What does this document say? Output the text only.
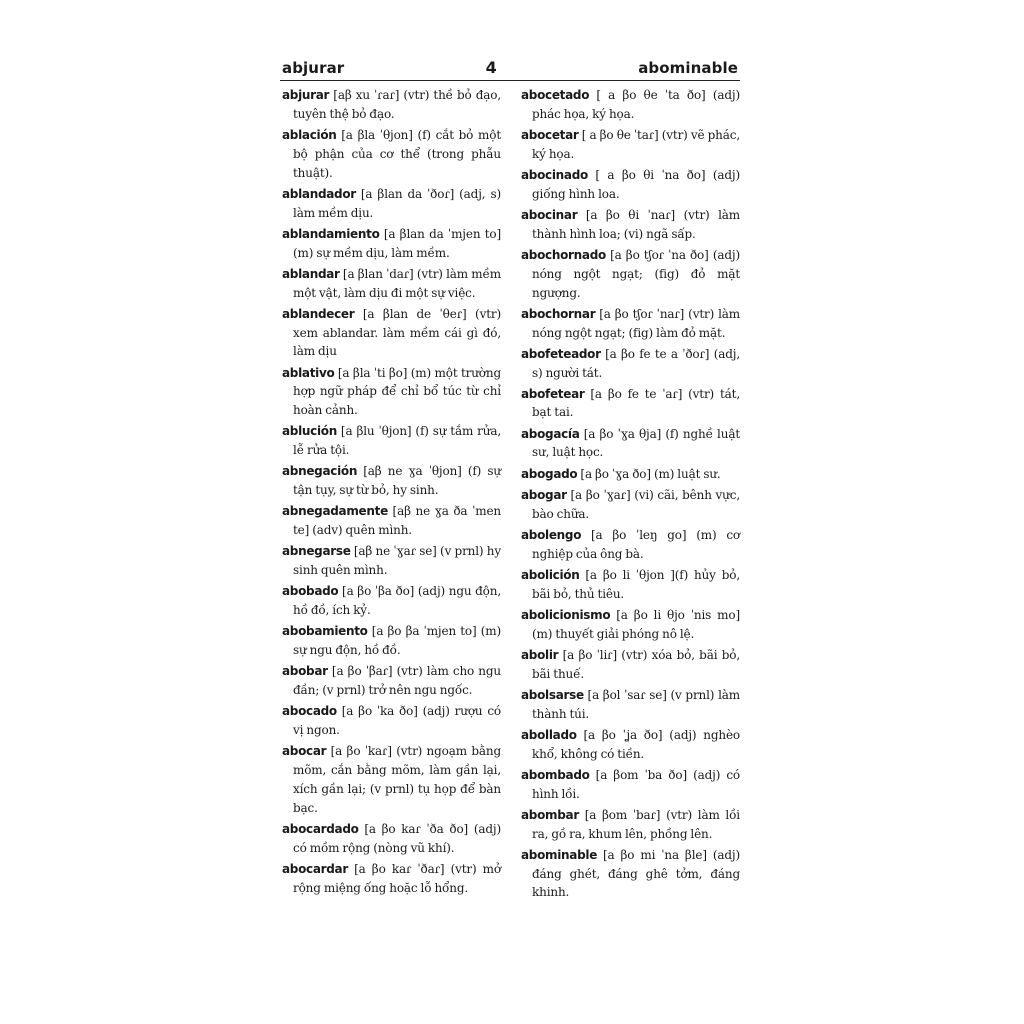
abjurar	4	abominable

abjurar [aβ xu ˈɾaɾ] (vtr) thề bỏ đạo, tuyên thệ bỏ đạo.

ablación [a βla ˈθjon] (f) cắt bỏ một bộ phận của cơ thể (trong phẫu thuật).

ablandador [a βlan da ˈðoɾ] (adj, s) làm mềm dịu.

ablandamiento [a βlan da ˈmjen to] (m) sự mềm dịu, làm mềm.

ablandar [a βlan ˈdaɾ] (vtr) làm mềm một vật, làm dịu đi một sự việc.

ablandecer [a βlan de ˈθeɾ] (vtr) xem ablandar. làm mềm cái gì đó, làm dịu

ablativo [a βla ˈti βo] (m) một trường hợp ngữ pháp để chỉ bổ túc từ chỉ hoàn cảnh.

ablución [a βlu ˈθjon] (f) sự tắm rửa, lễ rửa tội.

abnegación [aβ ne ɣa ˈθjon] (f) sự tận tụy, sự từ bỏ, hy sinh.

abnegadamente [aβ ne ɣa ða ˈmen te] (adv) quên mình.

abnegarse [aβ ne ˈɣaɾ se] (v prnl) hy sinh quên mình.

abobado [a βo ˈβa ðo] (adj) ngu độn, hồ đồ, ích kỷ.

abobamiento [a βo βa ˈmjen to] (m) sự ngu độn, hồ đồ.

abobar [a βo ˈβaɾ] (vtr) làm cho ngu đần; (v prnl) trở nên ngu ngốc.

abocado [a βo ˈka ðo] (adj) rượu có vị ngon.

abocar [a βo ˈkaɾ] (vtr) ngoạm bằng mõm, cắn bằng mõm, làm gần lại, xích gần lại; (v prnl) tụ họp để bàn bạc.

abocardado [a βo kaɾ ˈða ðo] (adj) có mồm rộng (nòng vũ khí).

abocardar [a βo kaɾ ˈðaɾ] (vtr) mở rộng miệng ống hoặc lỗ hổng.

abocetado [ a βo θe ˈta ðo] (adj) phác họa, ký họa.

abocetar [ a βo θe ˈtaɾ] (vtr) vẽ phác, ký họa.

abocinado [ a βo θi ˈna ðo] (adj) giống hình loa.

abocinar [a βo θi ˈnaɾ] (vtr) làm thành hình loa; (vi) ngã sấp.

abochornado [a βo tʃoɾ ˈna ðo] (adj) nóng ngột ngạt; (fig) đỏ mặt ngượng.

abochornar [a βo tʃoɾ ˈnaɾ] (vtr) làm nóng ngột ngạt; (fig) làm đỏ mặt.

abofeteador [a βo fe te a ˈðoɾ] (adj, s) người tát.

abofetear [a βo fe te ˈaɾ] (vtr) tát, bạt tai.

abogacía [a βo ˈɣa θja] (f) nghề luật sư, luật học.

abogado [a βo ˈɣa ðo] (m) luật sư.

abogar [a βo ˈɣaɾ] (vi) cãi, bênh vực, bào chữa.

abolengo [a βo ˈleŋ go] (m) cơ nghiệp của ông bà.

abolición [a βo li ˈθjon ](f) hủy bỏ, bãi bỏ, thủ tiêu.

abolicionismo [a βo li θjo ˈnis mo] (m) thuyết giải phóng nô lệ.

abolir [a βo ˈliɾ] (vtr) xóa bỏ, bãi bỏ, bãi thuế.

abolsarse [a βol ˈsaɾ se] (v prnl) làm thành túi.

abollado [a βo ˈʝa ðo] (adj) nghèo khổ, không có tiền.

abombado [a βom ˈba ðo] (adj) có hình lồi.

abombar [a βom ˈbaɾ] (vtr) làm lồi ra, gồ ra, khum lên, phồng lên.

abominable [a βo mi ˈna βle] (adj) đáng ghét, đáng ghê tởm, đáng khinh.
